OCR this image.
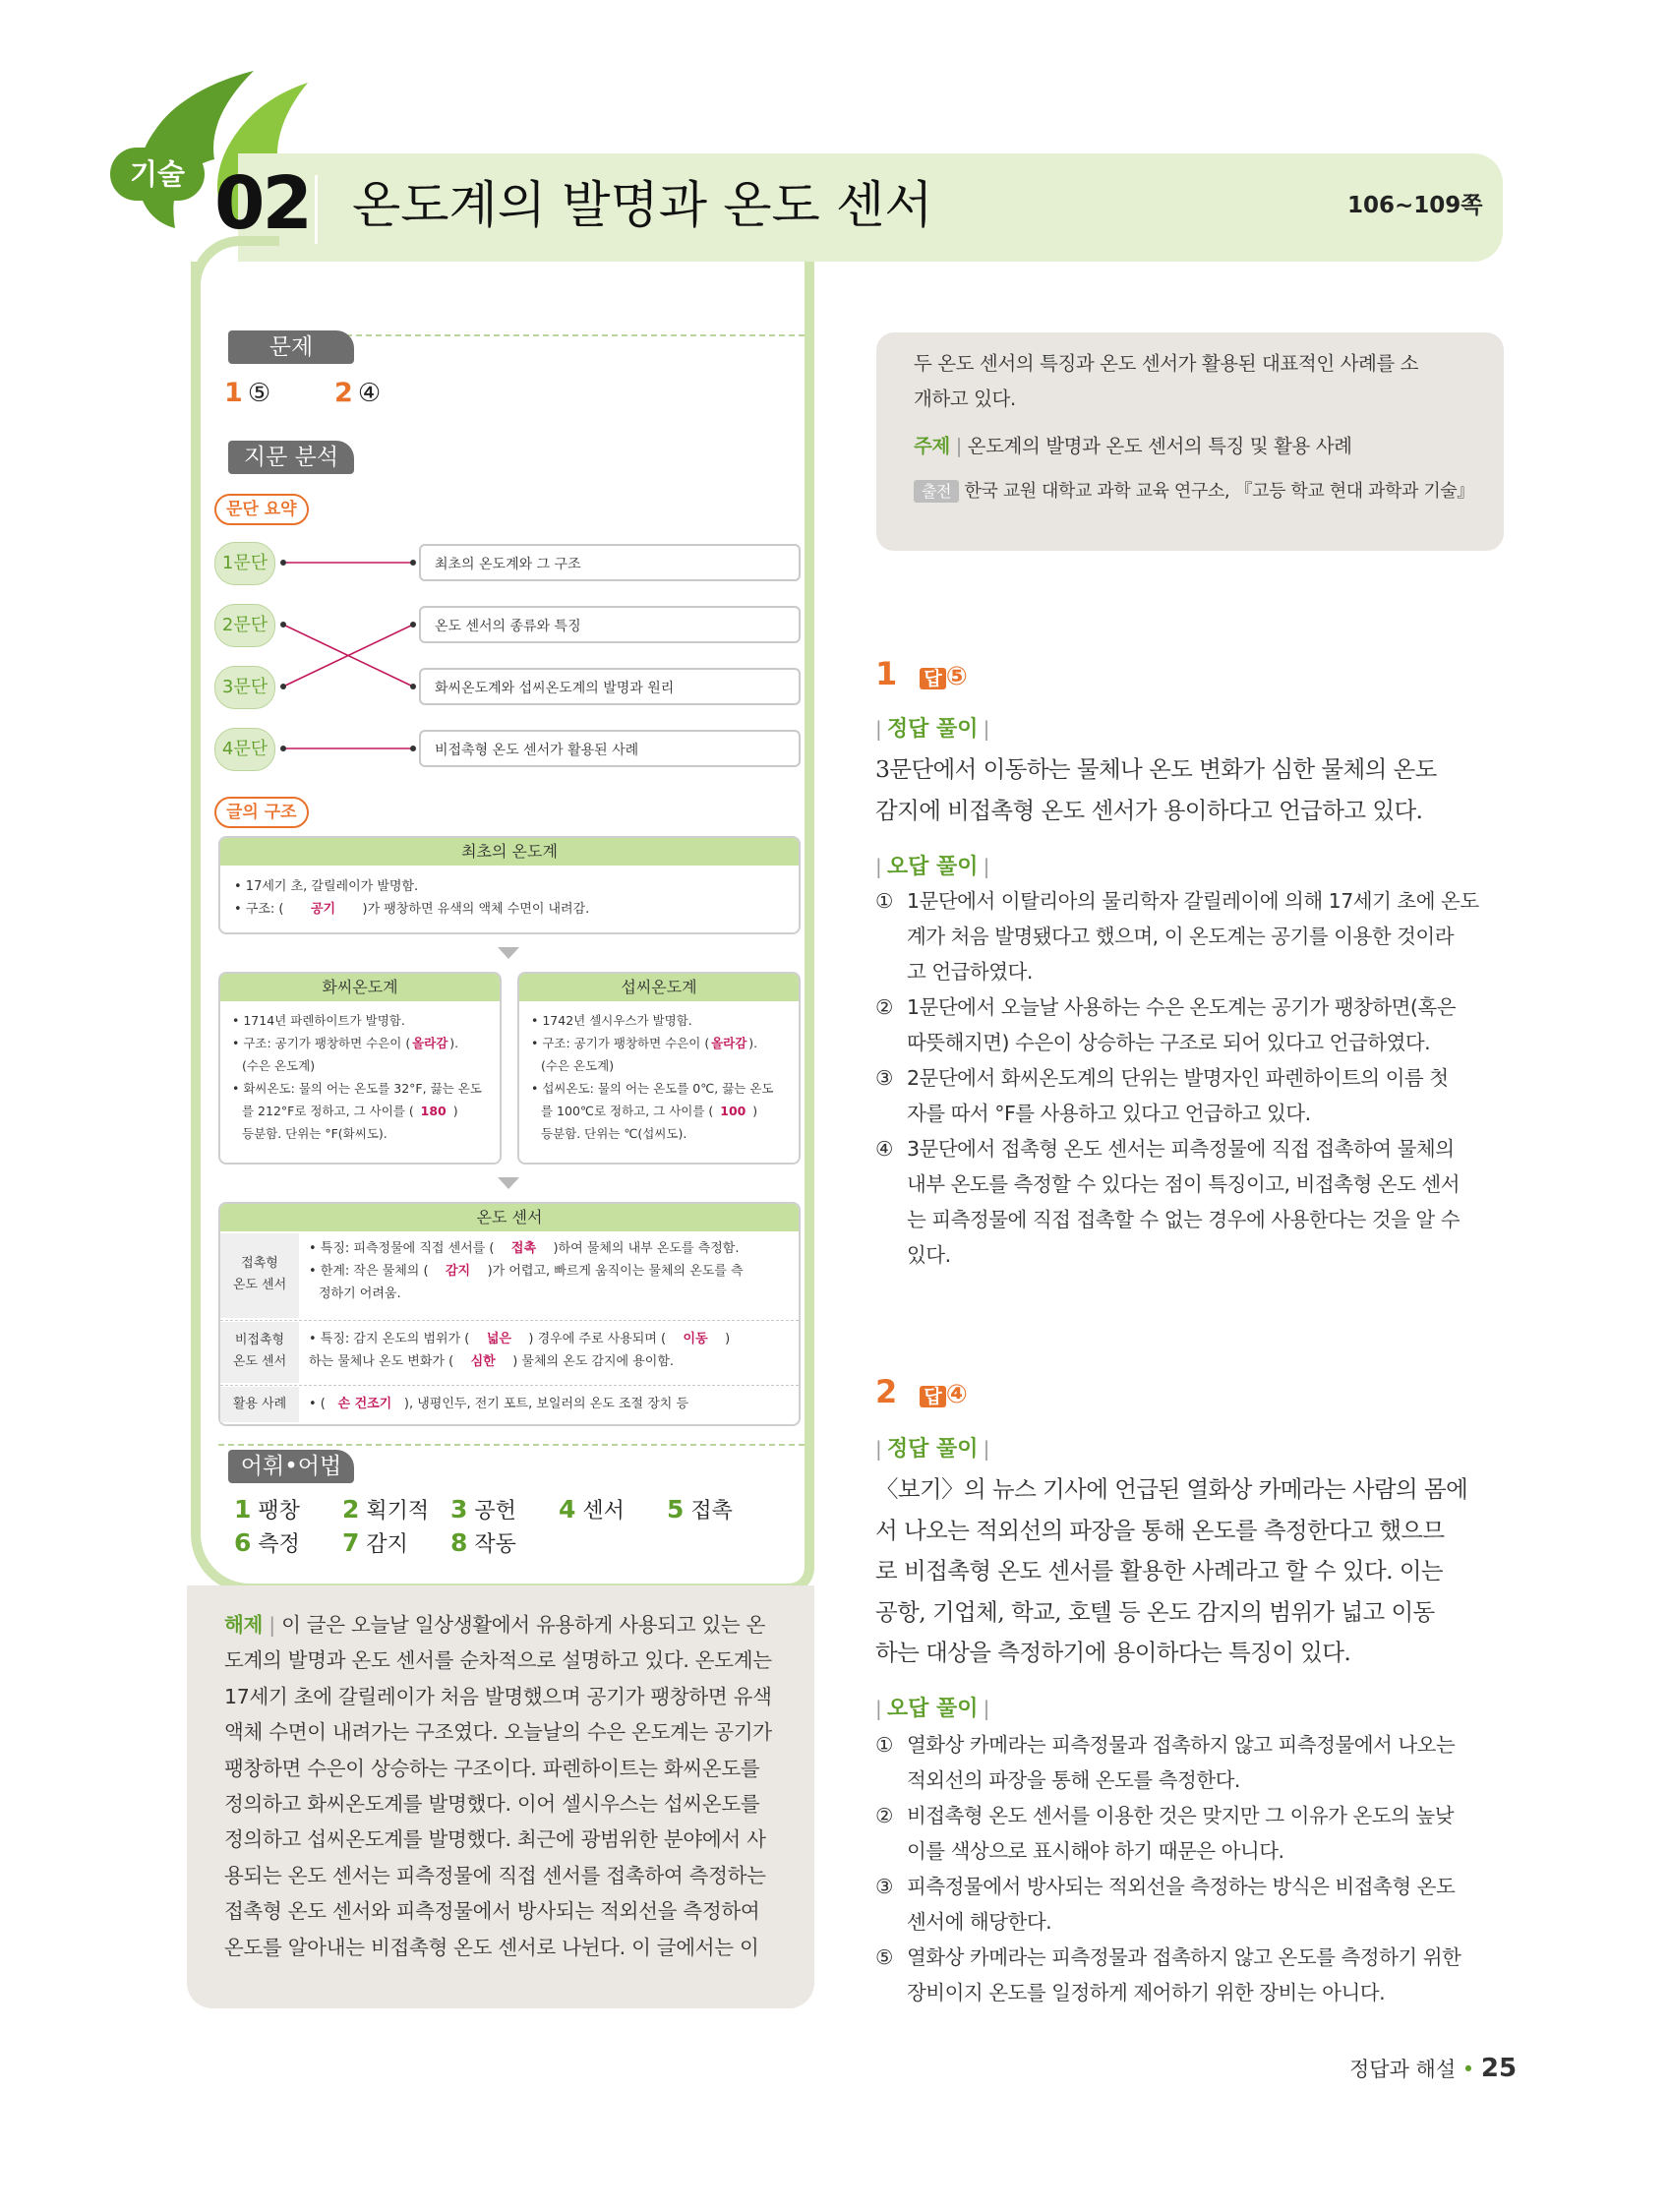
기술 02 온도계의 발명과 온도 센서	106~109쪽
문제
1 ⑤ 2 ④
지문 분석
문단 요약
1문단
2문단
3문단
4문단
최초의 온도계와 그 구조
온도 센서의 종류와 특징
화씨온도계와 섭씨온도계의 발명과 원리
비접촉형 온도 센서가 활용된 사례
글의 구조
최초의 온도계
• 17세기 초, 갈릴레이가 발명함.
• 구조: ( 공기 )가 팽창하면 유색의 액체 수면이 내려감.
화씨온도계
• 1714년 파렌하이트가 발명함.
• 구조: 공기가 팽창하면 수은이 ( 올라감 ).
(수은 온도계)
• 화씨온도: 물의 어는 온도를 32°F, 끓는 온도
를 212°F로 정하고, 그 사이를 ( 180 )
등분함. 단위는 °F(화씨도).
섭씨온도계
• 1742년 셀시우스가 발명함.
• 구조: 공기가 팽창하면 수은이 ( 올라감 ).
(수은 온도계)
• 섭씨온도: 물의 어는 온도를 0℃, 끓는 온도
를 100℃로 정하고, 그 사이를 ( 100 )
등분함. 단위는 ℃(섭씨도).
온도 센서
접촉형
온도 센서
• 특징: 피측정물에 직접 센서를 ( 접촉 )하여 물체의 내부 온도를 측정함.
• 한계: 작은 물체의 ( 감지 )가 어렵고, 빠르게 움직이는 물체의 온도를 측
정하기 어려움.
비접촉형
온도 센서
• 특징: 감지 온도의 범위가 ( 넓은 ) 경우에 주로 사용되며 ( 이동 )
하는 물체나 온도 변화가 ( 심한 ) 물체의 온도 감지에 용이함.
활용 사례	• ( 손 건조기 ), 냉평인두, 전기 포트, 보일러의 온도 조절 장치 등
어휘•어법
1 팽창 2 획기적 3 공헌 4 센서 5 접촉
6 측정 7 감지 8 작동
해제 | 이 글은 오늘날 일상생활에서 유용하게 사용되고 있는 온
도계의 발명과 온도 센서를 순차적으로 설명하고 있다. 온도계는
17세기 초에 갈릴레이가 처음 발명했으며 공기가 팽창하면 유색
액체 수면이 내려가는 구조였다. 오늘날의 수은 온도계는 공기가
팽창하면 수은이 상승하는 구조이다. 파렌하이트는 화씨온도를
정의하고 화씨온도계를 발명했다. 이어 셀시우스는 섭씨온도를
정의하고 섭씨온도계를 발명했다. 최근에 광범위한 분야에서 사
용되는 온도 센서는 피측정물에 직접 센서를 접촉하여 측정하는
접촉형 온도 센서와 피측정물에서 방사되는 적외선을 측정하여
온도를 알아내는 비접촉형 온도 센서로 나뉜다. 이 글에서는 이
두 온도 센서의 특징과 온도 센서가 활용된 대표적인 사례를 소
개하고 있다.
주제 | 온도계의 발명과 온도 센서의 특징 및 활용 사례
출전 한국 교원 대학교 과학 교육 연구소, 『고등 학교 현대 과학과 기술』
1 답 ⑤
| 정답 풀이 |
3문단에서 이동하는 물체나 온도 변화가 심한 물체의 온도
감지에 비접촉형 온도 센서가 용이하다고 언급하고 있다.
| 오답 풀이 |
① 1문단에서 이탈리아의 물리학자 갈릴레이에 의해 17세기 초에 온도
계가 처음 발명됐다고 했으며, 이 온도계는 공기를 이용한 것이라
고 언급하였다.
② 1문단에서 오늘날 사용하는 수은 온도계는 공기가 팽창하면(혹은
따뜻해지면) 수은이 상승하는 구조로 되어 있다고 언급하였다.
③ 2문단에서 화씨온도계의 단위는 발명자인 파렌하이트의 이름 첫
자를 따서 °F를 사용하고 있다고 언급하고 있다.
④ 3문단에서 접촉형 온도 센서는 피측정물에 직접 접촉하여 물체의
내부 온도를 측정할 수 있다는 점이 특징이고, 비접촉형 온도 센서
는 피측정물에 직접 접촉할 수 없는 경우에 사용한다는 것을 알 수
있다.
2 답 ④
| 정답 풀이 |
〈보기〉의 뉴스 기사에 언급된 열화상 카메라는 사람의 몸에
서 나오는 적외선의 파장을 통해 온도를 측정한다고 했으므
로 비접촉형 온도 센서를 활용한 사례라고 할 수 있다. 이는
공항, 기업체, 학교, 호텔 등 온도 감지의 범위가 넓고 이동
하는 대상을 측정하기에 용이하다는 특징이 있다.
| 오답 풀이 |
① 열화상 카메라는 피측정물과 접촉하지 않고 피측정물에서 나오는
적외선의 파장을 통해 온도를 측정한다.
② 비접촉형 온도 센서를 이용한 것은 맞지만 그 이유가 온도의 높낮
이를 색상으로 표시해야 하기 때문은 아니다.
③ 피측정물에서 방사되는 적외선을 측정하는 방식은 비접촉형 온도
센서에 해당한다.
⑤ 열화상 카메라는 피측정물과 접촉하지 않고 온도를 측정하기 위한
장비이지 온도를 일정하게 제어하기 위한 장비는 아니다.
정답과 해설 • 25
